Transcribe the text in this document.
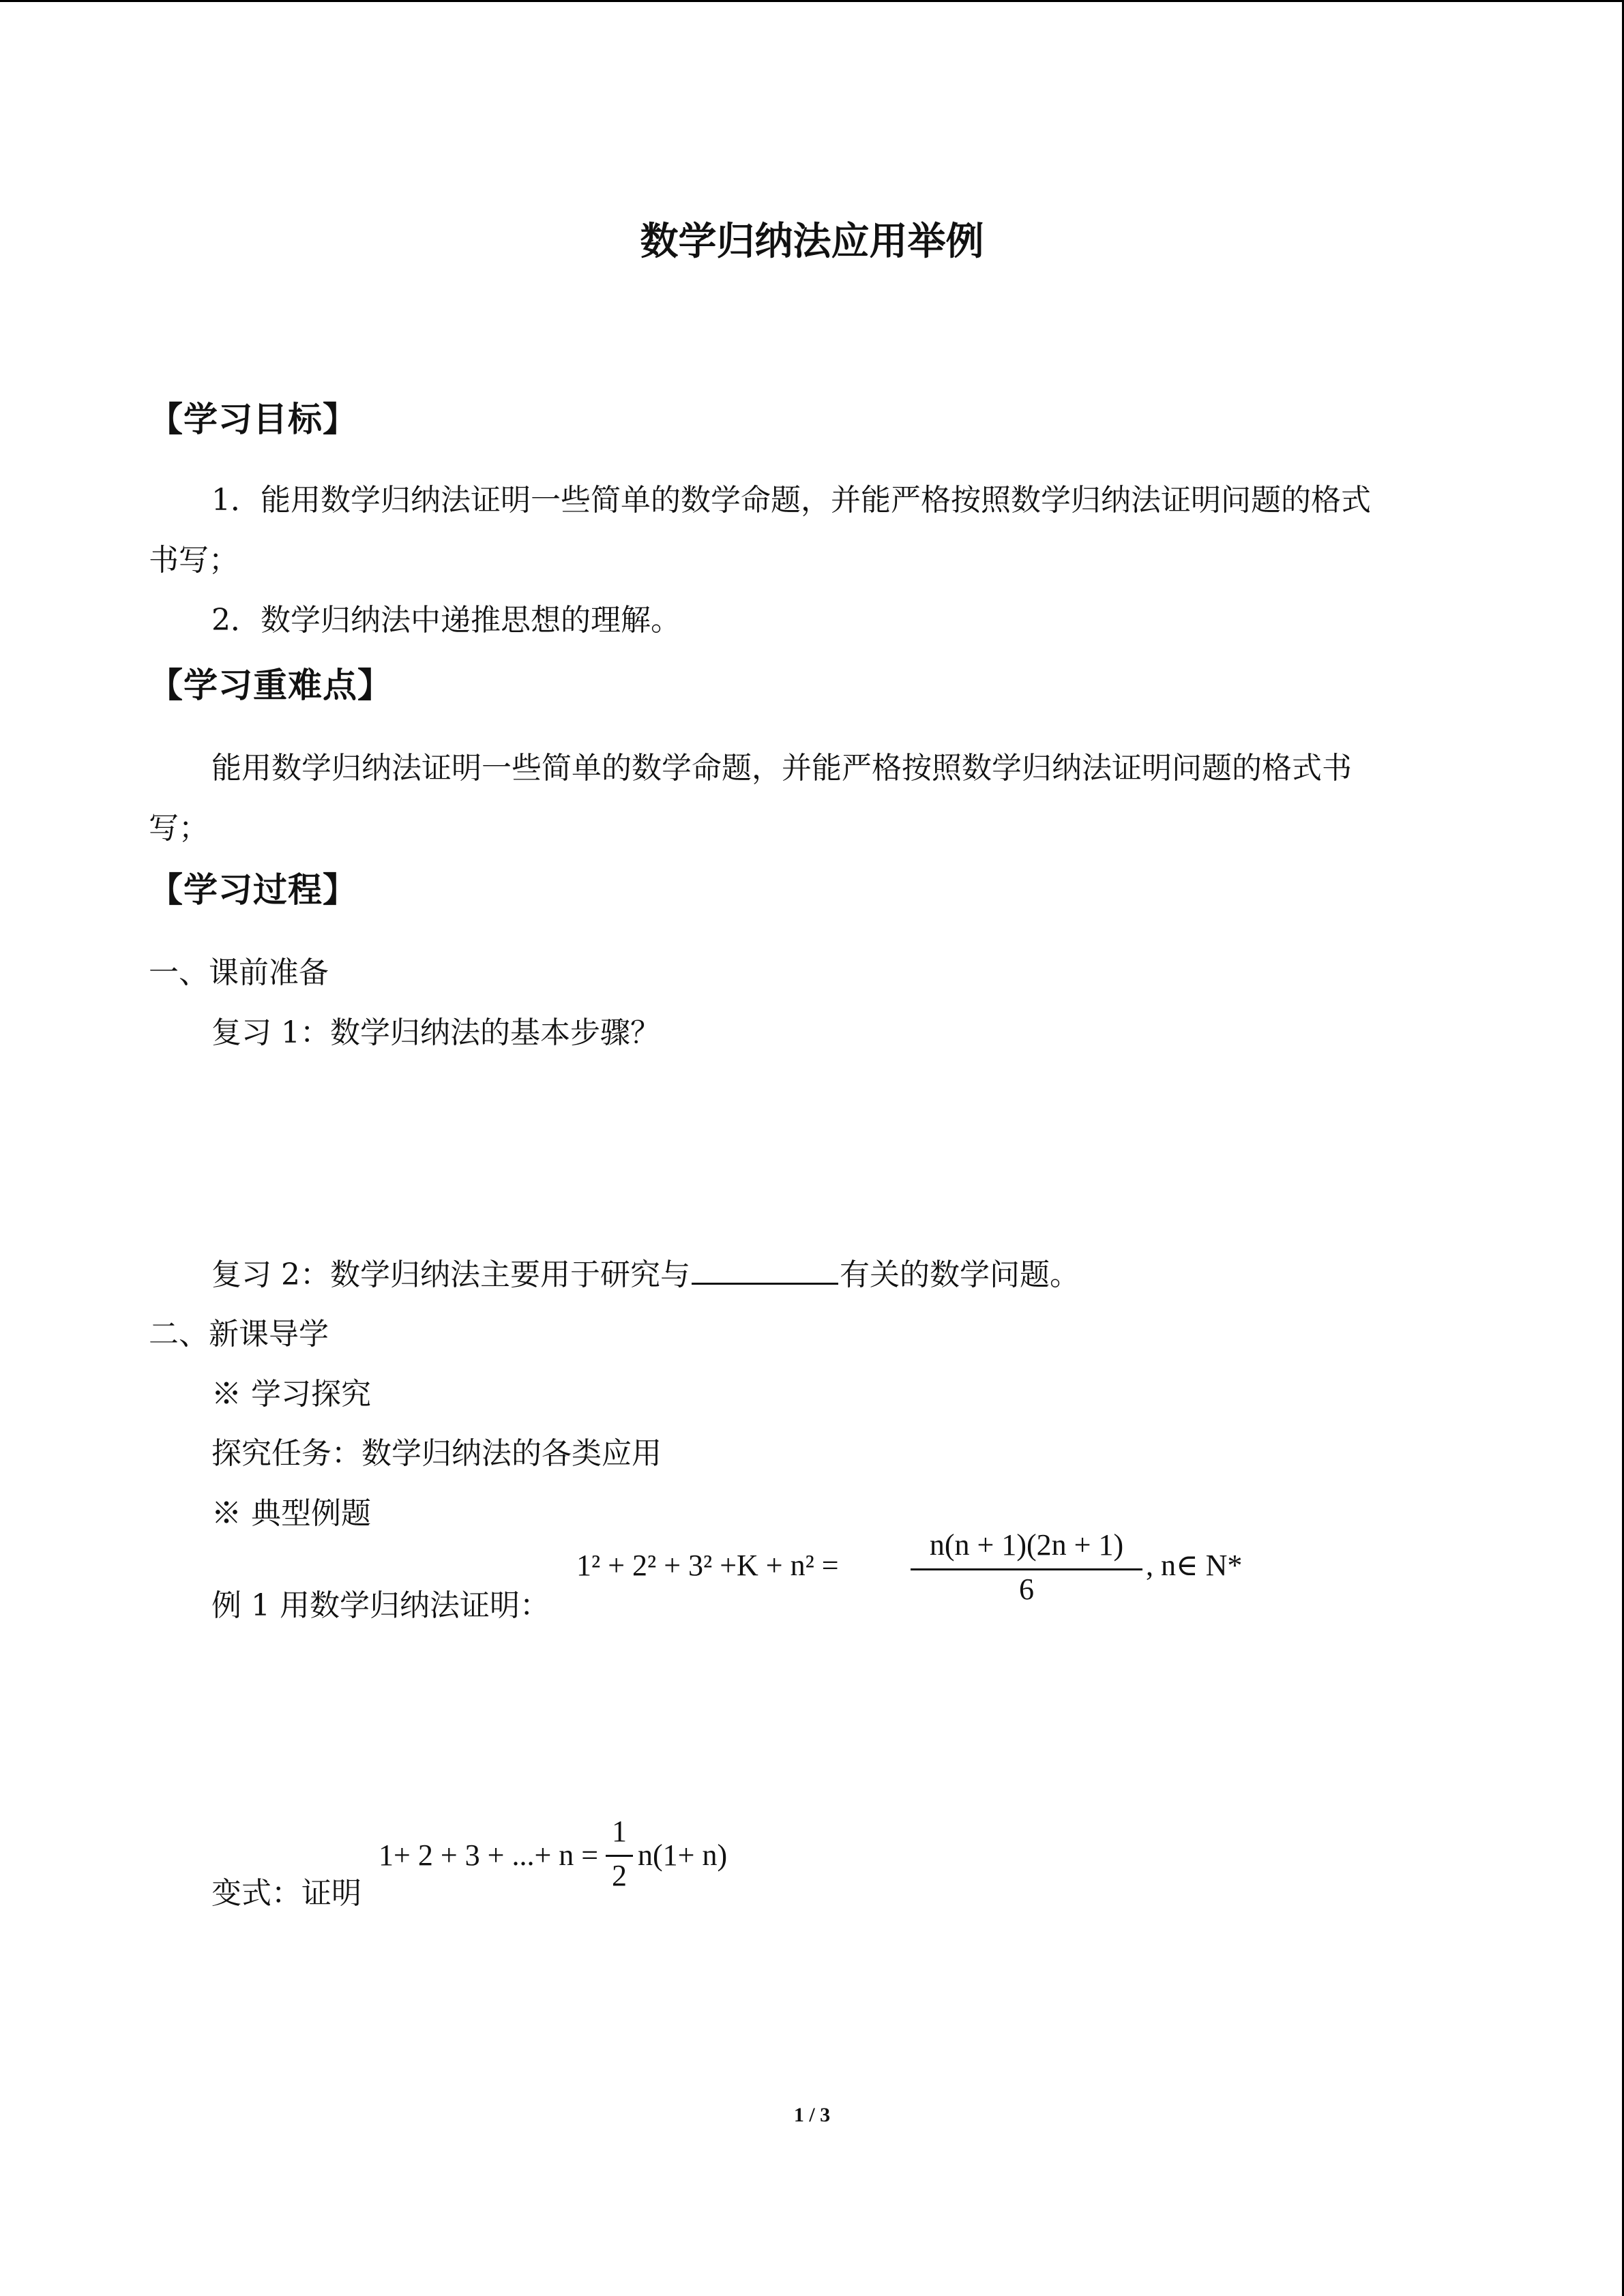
数学归纳法应用举例
【学习目标】
1．能用数学归纳法证明一些简单的数学命题，并能严格按照数学归纳法证明问题的格式
书写；
2．数学归纳法中递推思想的理解。
【学习重难点】
能用数学归纳法证明一些简单的数学命题，并能严格按照数学归纳法证明问题的格式书
写；
【学习过程】
一、课前准备
复习 1：数学归纳法的基本步骤？
复习 2：数学归纳法主要用于研究与	有关的数学问题。
二、新课导学
※ 学习探究
探究任务：数学归纳法的各类应用
※ 典型例题
例 1 用数学归纳法证明：
1² + 2² + 3² +K + n² =
n(n + 1)(2n + 1)
6
, n∈ N*
变式：证明
1+ 2 + 3 + ...+ n =
1
2
n(1+ n)
1 / 3
